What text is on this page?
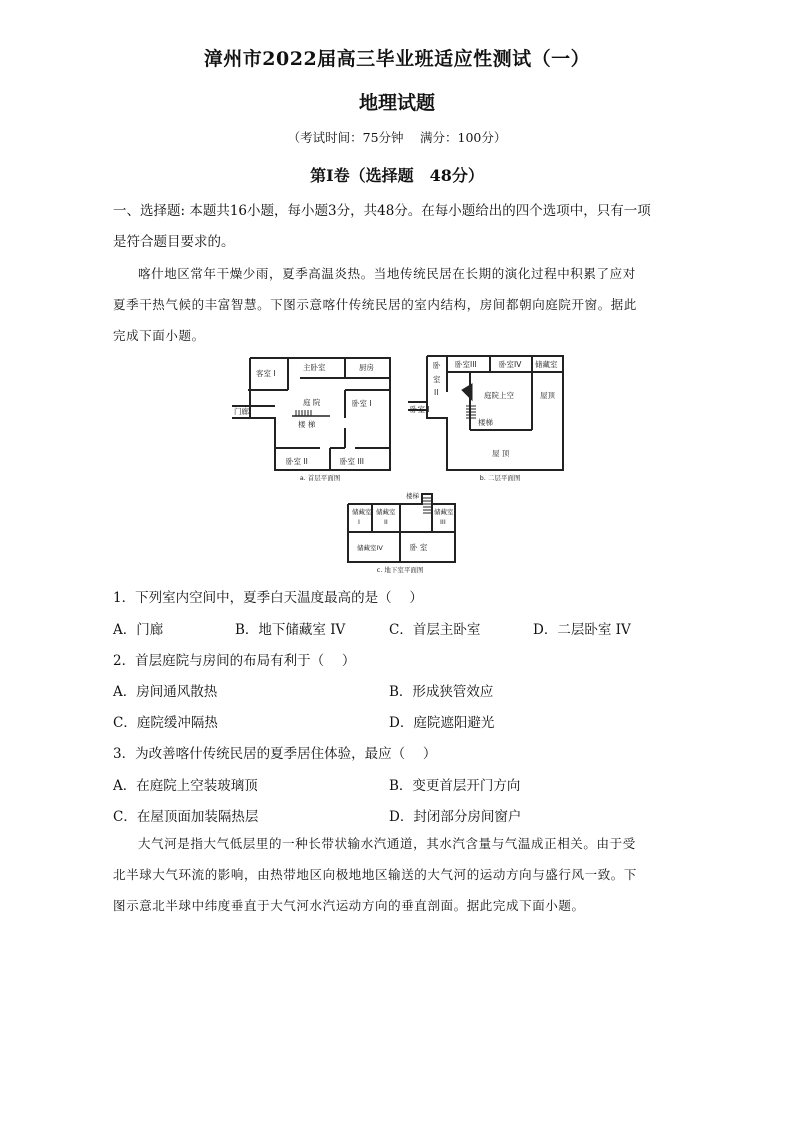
漳州市2022届高三毕业班适应性测试（一）
地理试题
（考试时间：75分钟　 满分：100分）
第I卷（选择题　48分）
一、选择题: 本题共16小题，每小题3分，共48分。在每小题给出的四个选项中，只有一项
是符合题目要求的。
喀什地区常年干燥少雨，夏季高温炎热。当地传统民居在长期的演化过程中积累了应对
夏季干热气候的丰富智慧。下图示意喀什传统民居的室内结构，房间都朝向庭院开窗。据此
完成下面小题。
客室 I
主卧室	厨房
庭 院	卧室 I
门廊
楼 梯
卧室 II	卧室 III
a. 首层平面图
卧
室
II
卧室III	卧室IV 储藏室
庭院上空	屋顶
卧室 I
楼梯
屋 顶
b. 二层平面图
楼梯
储藏室
I
储藏室
II
储藏室
III
储藏室IV	卧 室
c. 地下室平面图
1．下列室内空间中，夏季白天温度最高的是（　 ）
A．门廊	B．地下储藏室 IV	C．首层主卧室	D．二层卧室 IV
2．首层庭院与房间的布局有利于（　 ）
A．房间通风散热	B．形成狭管效应
C．庭院缓冲隔热	D．庭院遮阳避光
3．为改善喀什传统民居的夏季居住体验，最应（　 ）
A．在庭院上空装玻璃顶	B．变更首层开门方向
C．在屋顶面加装隔热层	D．封闭部分房间窗户
大气河是指大气低层里的一种长带状输水汽通道，其水汽含量与气温成正相关。由于受
北半球大气环流的影响，由热带地区向极地地区输送的大气河的运动方向与盛行风一致。下
图示意北半球中纬度垂直于大气河水汽运动方向的垂直剖面。据此完成下面小题。
